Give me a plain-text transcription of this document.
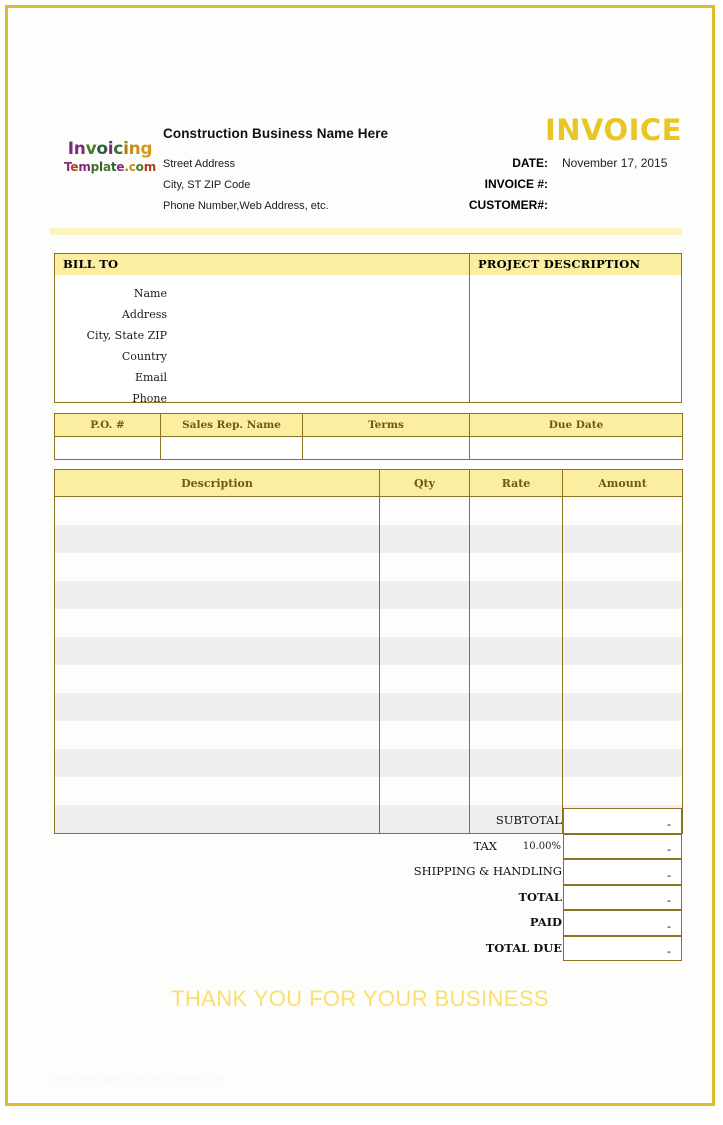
Invoicing
Template.com
Construction Business Name Here
Street Address
City, ST ZIP Code
Phone Number,Web Address, etc.
INVOICE
DATE: November 17, 2015
INVOICE #:
CUSTOMER#:
BILL TO	PROJECT DESCRIPTION
Name
Address
City, State ZIP
Country
Email
Phone
P.O. #	Sales Rep. Name	Terms	Due Date

Description	Qty	Rate	Amount

SUBTOTAL	-
TAX	10.00%	-
SHIPPING & HANDLING	-
TOTAL	-
PAID	-
TOTAL DUE	-
THANK YOU FOR YOUR BUSINESS
www.heritagechristiancollege.com
